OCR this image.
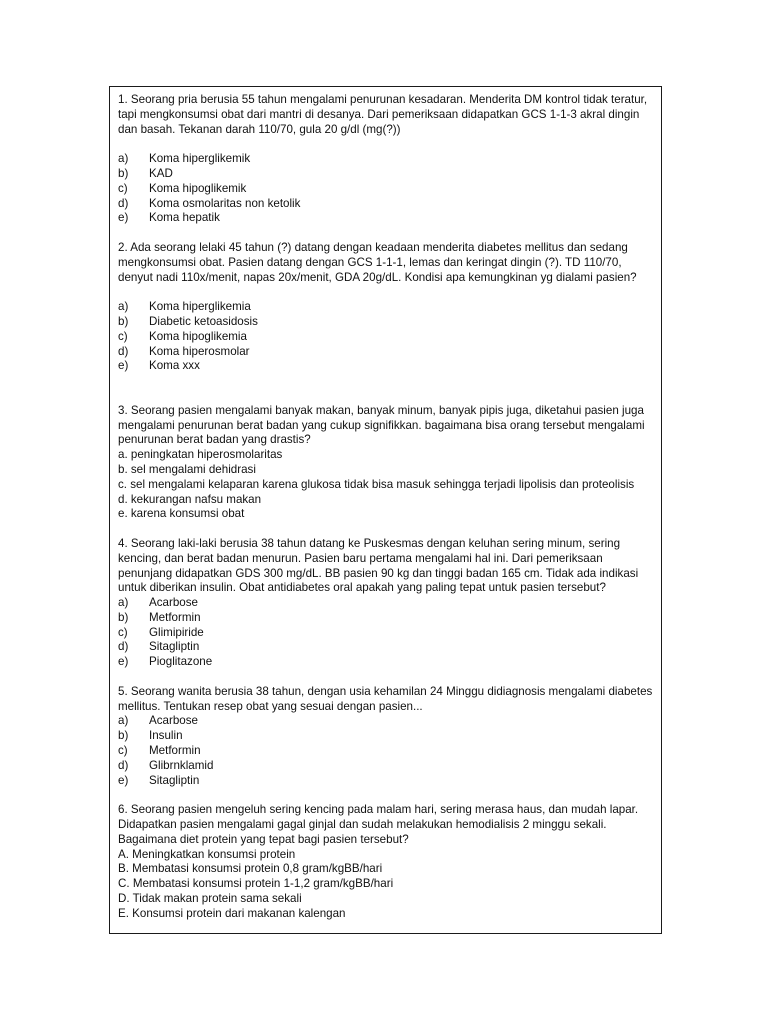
1. Seorang pria berusia 55 tahun mengalami penurunan kesadaran. Menderita DM kontrol tidak teratur, tapi mengkonsumsi obat dari mantri di desanya. Dari pemeriksaan didapatkan GCS 1-1-3 akral dingin dan basah. Tekanan darah 110/70, gula 20 g/dl (mg(?))

a)	Koma hiperglikemik
b)	KAD
c)	Koma hipoglikemik
d)	Koma osmolaritas non ketolik
e)	Koma hepatik

2. Ada seorang lelaki 45 tahun (?) datang dengan keadaan menderita diabetes mellitus dan sedang mengkonsumsi obat. Pasien datang dengan GCS 1-1-1, lemas dan keringat dingin (?). TD 110/70, denyut nadi 110x/menit, napas 20x/menit, GDA 20g/dL. Kondisi apa kemungkinan yg dialami pasien?

a)	Koma hiperglikemia
b)	Diabetic ketoasidosis
c)	Koma hipoglikemia
d)	Koma hiperosmolar
e)	Koma xxx

3. Seorang pasien mengalami banyak makan, banyak minum, banyak pipis juga, diketahui pasien juga mengalami penurunan berat badan yang cukup signifikkan. bagaimana bisa orang tersebut mengalami penurunan berat badan yang drastis?

a. peningkatan hiperosmolaritas
b. sel mengalami dehidrasi
c. sel mengalami kelaparan karena glukosa tidak bisa masuk sehingga terjadi lipolisis dan proteolisis
d. kekurangan nafsu makan
e. karena konsumsi obat

4. Seorang laki-laki berusia 38 tahun datang ke Puskesmas dengan keluhan sering minum, sering kencing, dan berat badan menurun. Pasien baru pertama mengalami hal ini. Dari pemeriksaan penunjang didapatkan GDS 300 mg/dL. BB pasien 90 kg dan tinggi badan 165 cm. Tidak ada indikasi untuk diberikan insulin. Obat antidiabetes oral apakah yang paling tepat untuk pasien tersebut?

a)	Acarbose
b)	Metformin
c)	Glimipiride
d)	Sitagliptin
e)	Pioglitazone

5. Seorang wanita berusia 38 tahun, dengan usia kehamilan 24 Minggu didiagnosis mengalami diabetes mellitus. Tentukan resep obat yang sesuai dengan pasien...

a)	Acarbose
b)	Insulin
c)	Metformin
d)	Glibrnklamid
e)	Sitagliptin

6. Seorang pasien mengeluh sering kencing pada malam hari, sering merasa haus, dan mudah lapar. Didapatkan pasien mengalami gagal ginjal dan sudah melakukan hemodialisis 2 minggu sekali. Bagaimana diet protein yang tepat bagi pasien tersebut?

A. Meningkatkan konsumsi protein
B. Membatasi konsumsi protein 0,8 gram/kgBB/hari
C. Membatasi konsumsi protein 1-1,2 gram/kgBB/hari
D. Tidak makan protein sama sekali
E. Konsumsi protein dari makanan kalengan
